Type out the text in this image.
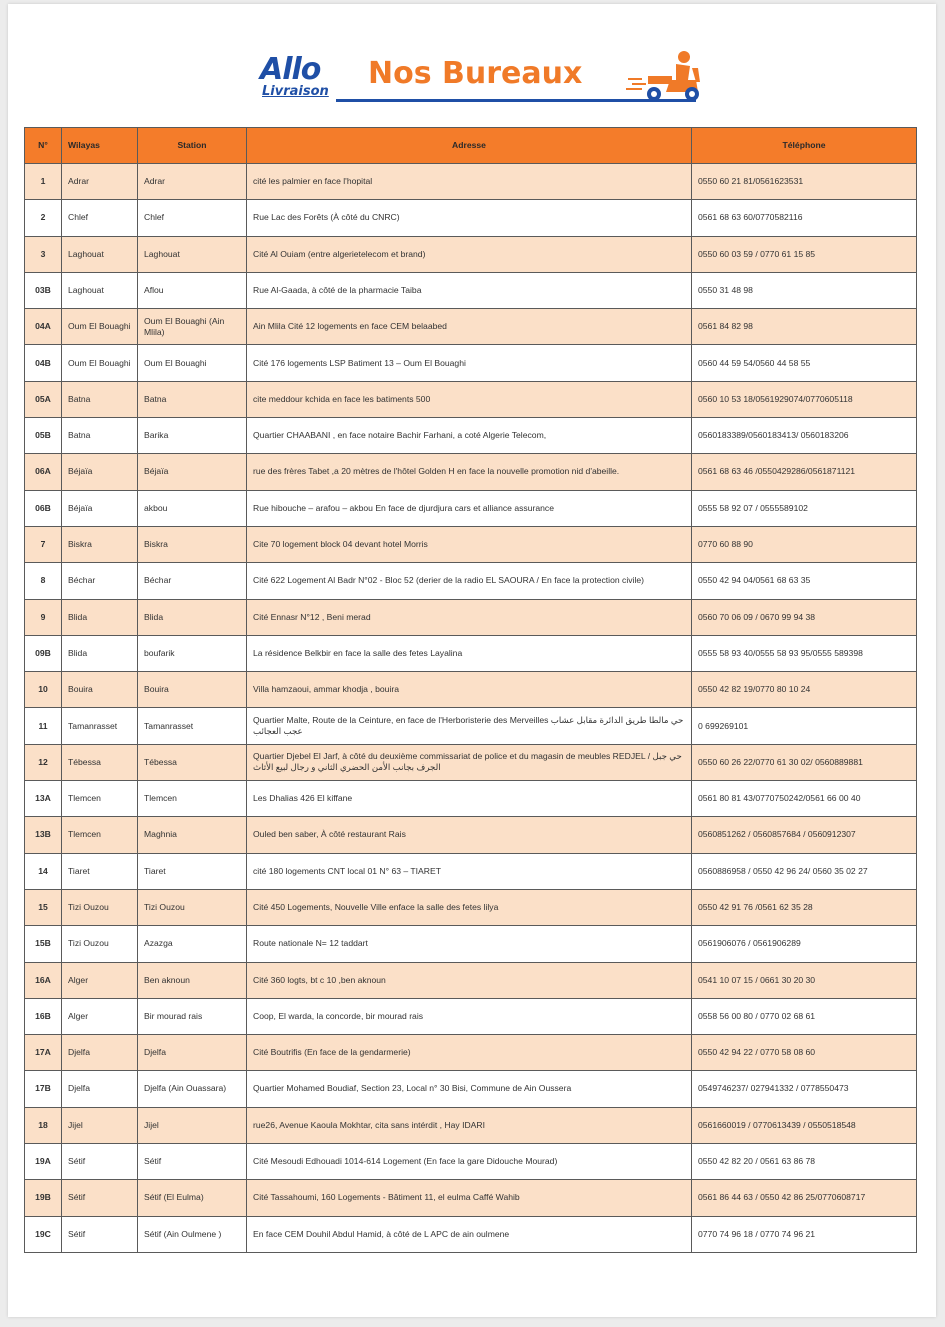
Allo
Livraison
Nos Bureaux
N°	Wilayas	Station	Adresse	Téléphone
1	Adrar	Adrar	cité les palmier en face l'hopital	0550 60 21 81/0561623531
2	Chlef	Chlef	Rue Lac des Forêts (À côté du CNRC)	0561 68 63 60/0770582116
3	Laghouat	Laghouat	Cité Al Ouiam (entre algerietelecom et brand)	0550 60 03 59 / 0770 61 15 85
03B	Laghouat	Aflou	Rue Al-Gaada, à côté de la pharmacie Taiba	0550 31 48 98
04A	Oum El Bouaghi	Oum El Bouaghi (Ain Mlila)	Ain Mlila Cité 12 logements en face CEM belaabed	0561 84 82 98
04B	Oum El Bouaghi	Oum El Bouaghi	Cité 176 logements LSP Batiment 13 – Oum El Bouaghi	0560 44 59 54/0560 44 58 55
05A	Batna	Batna	cite meddour kchida en face les batiments 500	0560 10 53 18/0561929074/0770605118
05B	Batna	Barika	Quartier CHAABANI , en face notaire Bachir Farhani, a coté Algerie Telecom,	0560183389/0560183413/ 0560183206
06A	Béjaïa	Béjaïa	rue des frères Tabet ,a 20 mètres de l'hôtel Golden H en face la nouvelle promotion nid d'abeille.	0561 68 63 46 /0550429286/0561871121
06B	Béjaïa	akbou	Rue hibouche – arafou – akbou En face de djurdjura cars et alliance assurance	0555 58 92 07 / 0555589102
7	Biskra	Biskra	Cite 70 logement block 04 devant hotel Morris	0770 60 88 90
8	Béchar	Béchar	Cité 622 Logement Al Badr N°02 - Bloc 52 (derier de la radio EL SAOURA / En face la protection civile)	0550 42 94 04/0561 68 63 35
9	Blida	Blida	Cité Ennasr N°12 , Beni merad	0560 70 06 09 / 0670 99 94 38
09B	Blida	boufarik	La résidence Belkbir en face la salle des fetes Layalina	0555 58 93 40/0555 58 93 95/0555 589398
10	Bouira	Bouira	Villa hamzaoui, ammar khodja , bouira	0550 42 82 19/0770 80 10 24
11	Tamanrasset	Tamanrasset	Quartier Malte, Route de la Ceinture, en face de l'Herboristerie des Merveilles حي مالطا طريق الدائرة مقابل عشاب عجب العجائب	0 699269101
12	Tébessa	Tébessa	Quartier Djebel El Jarf, à côté du deuxième commissariat de police et du magasin de meubles REDJEL / حي جبل الجرف بجانب الأمن الحضري الثاني و رجال لبيع الأثاث	0550 60 26 22/0770 61 30 02/ 0560889881
13A	Tlemcen	Tlemcen	Les Dhalias 426 El kiffane	0561 80 81 43/0770750242/0561 66 00 40
13B	Tlemcen	Maghnia	Ouled ben saber, À côté restaurant Rais	0560851262 / 0560857684 / 0560912307
14	Tiaret	Tiaret	cité 180 logements CNT local 01 N° 63 – TIARET	0560886958 / 0550 42 96 24/ 0560 35 02 27
15	Tizi Ouzou	Tizi Ouzou	Cité 450 Logements, Nouvelle Ville enface la salle des fetes lilya	0550 42 91 76 /0561 62 35 28
15B	Tizi Ouzou	Azazga	Route nationale N= 12 taddart	0561906076 / 0561906289
16A	Alger	Ben aknoun	Cité 360 logts, bt c 10 ,ben aknoun	0541 10 07 15 / 0661 30 20 30
16B	Alger	Bir mourad rais	Coop, El warda, la concorde, bir mourad rais	0558 56 00 80 / 0770 02 68 61
17A	Djelfa	Djelfa	Cité Boutrifis (En face de la gendarmerie)	0550 42 94 22 / 0770 58 08 60
17B	Djelfa	Djelfa (Ain Ouassara)	Quartier Mohamed Boudiaf, Section 23, Local n° 30 Bisi, Commune de Ain Oussera	0549746237/ 027941332 / 0778550473
18	Jijel	Jijel	rue26, Avenue Kaoula Mokhtar, cita sans intérdit , Hay IDARI	0561660019 / 0770613439 / 0550518548
19A	Sétif	Sétif	Cité Mesoudi Edhouadi 1014-614 Logement (En face la gare Didouche Mourad)	0550 42 82 20 / 0561 63 86 78
19B	Sétif	Sétif (El Eulma)	Cité Tassahoumi, 160 Logements - Bâtiment 11, el eulma Caffé Wahib	0561 86 44 63 / 0550 42 86 25/0770608717
19C	Sétif	Sétif (Ain Oulmene )	En face CEM Douhil Abdul Hamid, à côté de L APC de ain oulmene	0770 74 96 18 / 0770 74 96 21
